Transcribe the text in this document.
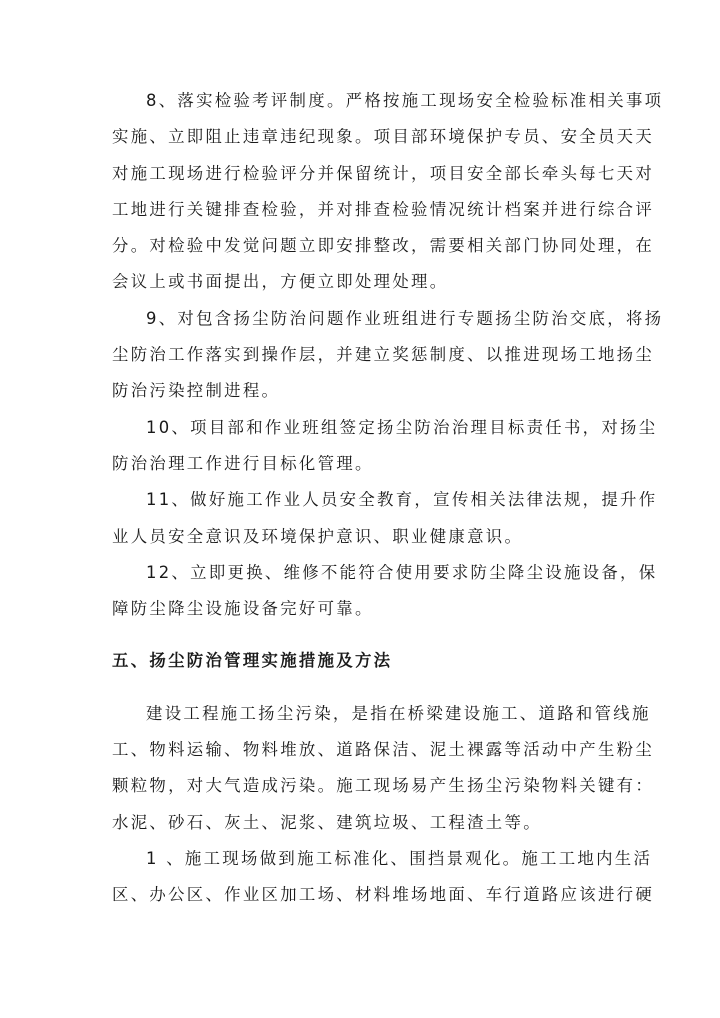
8、落实检验考评制度。严格按施工现场安全检验标准相关事项
实施、立即阻止违章违纪现象。项目部环境保护专员、安全员天天
对施工现场进行检验评分并保留统计，项目安全部长牵头每七天对
工地进行关键排查检验，并对排查检验情况统计档案并进行综合评
分。对检验中发觉问题立即安排整改，需要相关部门协同处理，在
会议上或书面提出，方便立即处理处理。

9、对包含扬尘防治问题作业班组进行专题扬尘防治交底，将扬
尘防治工作落实到操作层，并建立奖惩制度、以推进现场工地扬尘
防治污染控制进程。

10、项目部和作业班组签定扬尘防治治理目标责任书，对扬尘
防治治理工作进行目标化管理。

11、做好施工作业人员安全教育，宣传相关法律法规，提升作
业人员安全意识及环境保护意识、职业健康意识。

12、立即更换、维修不能符合使用要求防尘降尘设施设备，保
障防尘降尘设施设备完好可靠。

五、扬尘防治管理实施措施及方法

建设工程施工扬尘污染，是指在桥梁建设施工、道路和管线施
工、物料运输、物料堆放、道路保洁、泥土裸露等活动中产生粉尘
颗粒物，对大气造成污染。施工现场易产生扬尘污染物料关键有：
水泥、砂石、灰土、泥浆、建筑垃圾、工程渣土等。

1 、施工现场做到施工标准化、围挡景观化。施工工地内生活
区、办公区、作业区加工场、材料堆场地面、车行道路应该进行硬
